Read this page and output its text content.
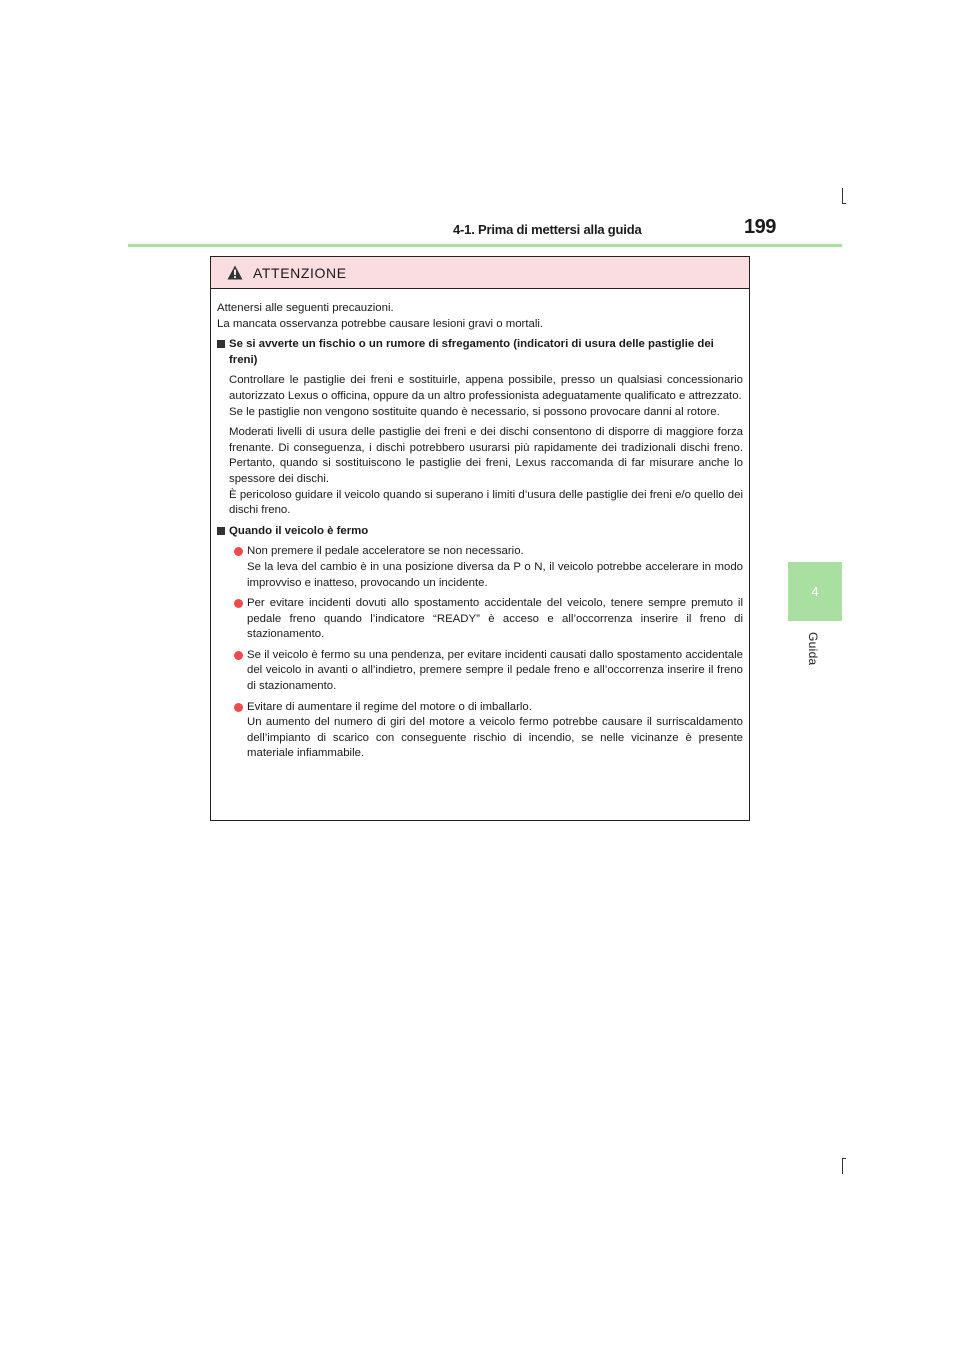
4-1. Prima di mettersi alla guida	199
4
Guida
ATTENZIONE

Attenersi alle seguenti precauzioni.
La mancata osservanza potrebbe causare lesioni gravi o mortali.

Se si avverte un fischio o un rumore di sfregamento (indicatori di usura delle pastiglie dei freni)

Controllare le pastiglie dei freni e sostituirle, appena possibile, presso un qualsiasi concessionario autorizzato Lexus o officina, oppure da un altro professionista adeguatamente qualificato e attrezzato.
Se le pastiglie non vengono sostituite quando è necessario, si possono provocare danni al rotore.

Moderati livelli di usura delle pastiglie dei freni e dei dischi consentono di disporre di maggiore forza frenante. Di conseguenza, i dischi potrebbero usurarsi più rapidamente dei tradizionali dischi freno. Pertanto, quando si sostituiscono le pastiglie dei freni, Lexus raccomanda di far misurare anche lo spessore dei dischi.
È pericoloso guidare il veicolo quando si superano i limiti d’usura delle pastiglie dei freni e/o quello dei dischi freno.

Quando il veicolo è fermo

Non premere il pedale acceleratore se non necessario.
Se la leva del cambio è in una posizione diversa da P o N, il veicolo potrebbe accelerare in modo improvviso e inatteso, provocando un incidente.

Per evitare incidenti dovuti allo spostamento accidentale del veicolo, tenere sempre premuto il pedale freno quando l’indicatore “READY” è acceso e all’occorrenza inserire il freno di stazionamento.

Se il veicolo è fermo su una pendenza, per evitare incidenti causati dallo spostamento accidentale del veicolo in avanti o all’indietro, premere sempre il pedale freno e all’occorrenza inserire il freno di stazionamento.

Evitare di aumentare il regime del motore o di imballarlo.
Un aumento del numero di giri del motore a veicolo fermo potrebbe causare il surriscaldamento dell’impianto di scarico con conseguente rischio di incendio, se nelle vicinanze è presente materiale infiammabile.
